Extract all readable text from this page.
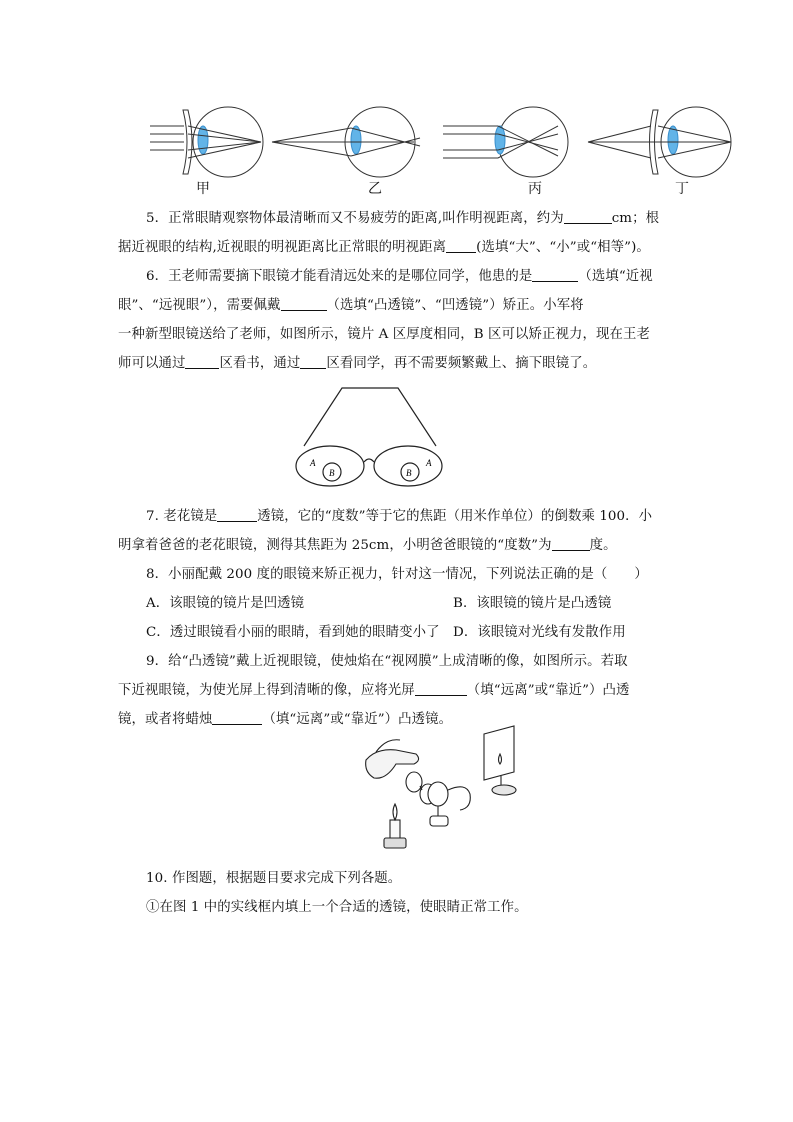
甲	乙	丙	丁

5．正常眼睛观察物体最清晰而又不易疲劳的距离,叫作明视距离，约为	cm；根

据近视眼的结构,近视眼的明视距离比正常眼的明视距离 (选填“大”、“小”或“相等”)。

6．王老师需要摘下眼镜才能看清远处来的是哪位同学，他患的是	（选填“近视

眼”、“远视眼”），需要佩戴	（选填“凸透镜”、“凹透镜”）矫正。小军将

一种新型眼镜送给了老师，如图所示，镜片 A 区厚度相同，B 区可以矫正视力，现在王老

师可以通过	区看书，通过 区看同学，再不需要频繁戴上、摘下眼镜了。

A
B	B
A

7. 老花镜是	透镜，它的“度数”等于它的焦距（用米作单位）的倒数乘 100．小

明拿着爸爸的老花眼镜，测得其焦距为 25cm，小明爸爸眼镜的“度数”为	度。

8．小丽配戴 200 度的眼镜来矫正视力，针对这一情况，下列说法正确的是（　　）

A．该眼镜的镜片是凹透镜	B．该眼镜的镜片是凸透镜
C．透过眼镜看小丽的眼睛，看到她的眼睛变小了 D．该眼镜对光线有发散作用

9．给“凸透镜”戴上近视眼镜，使烛焰在“视网膜”上成清晰的像，如图所示。若取

下近视眼镜，为使光屏上得到清晰的像，应将光屏	（填“远离”或“靠近”）凸透

镜，或者将蜡烛	（填“远离”或“靠近”）凸透镜。

10. 作图题，根据题目要求完成下列各题。

①在图 1 中的实线框内填上一个合适的透镜，使眼睛正常工作。
